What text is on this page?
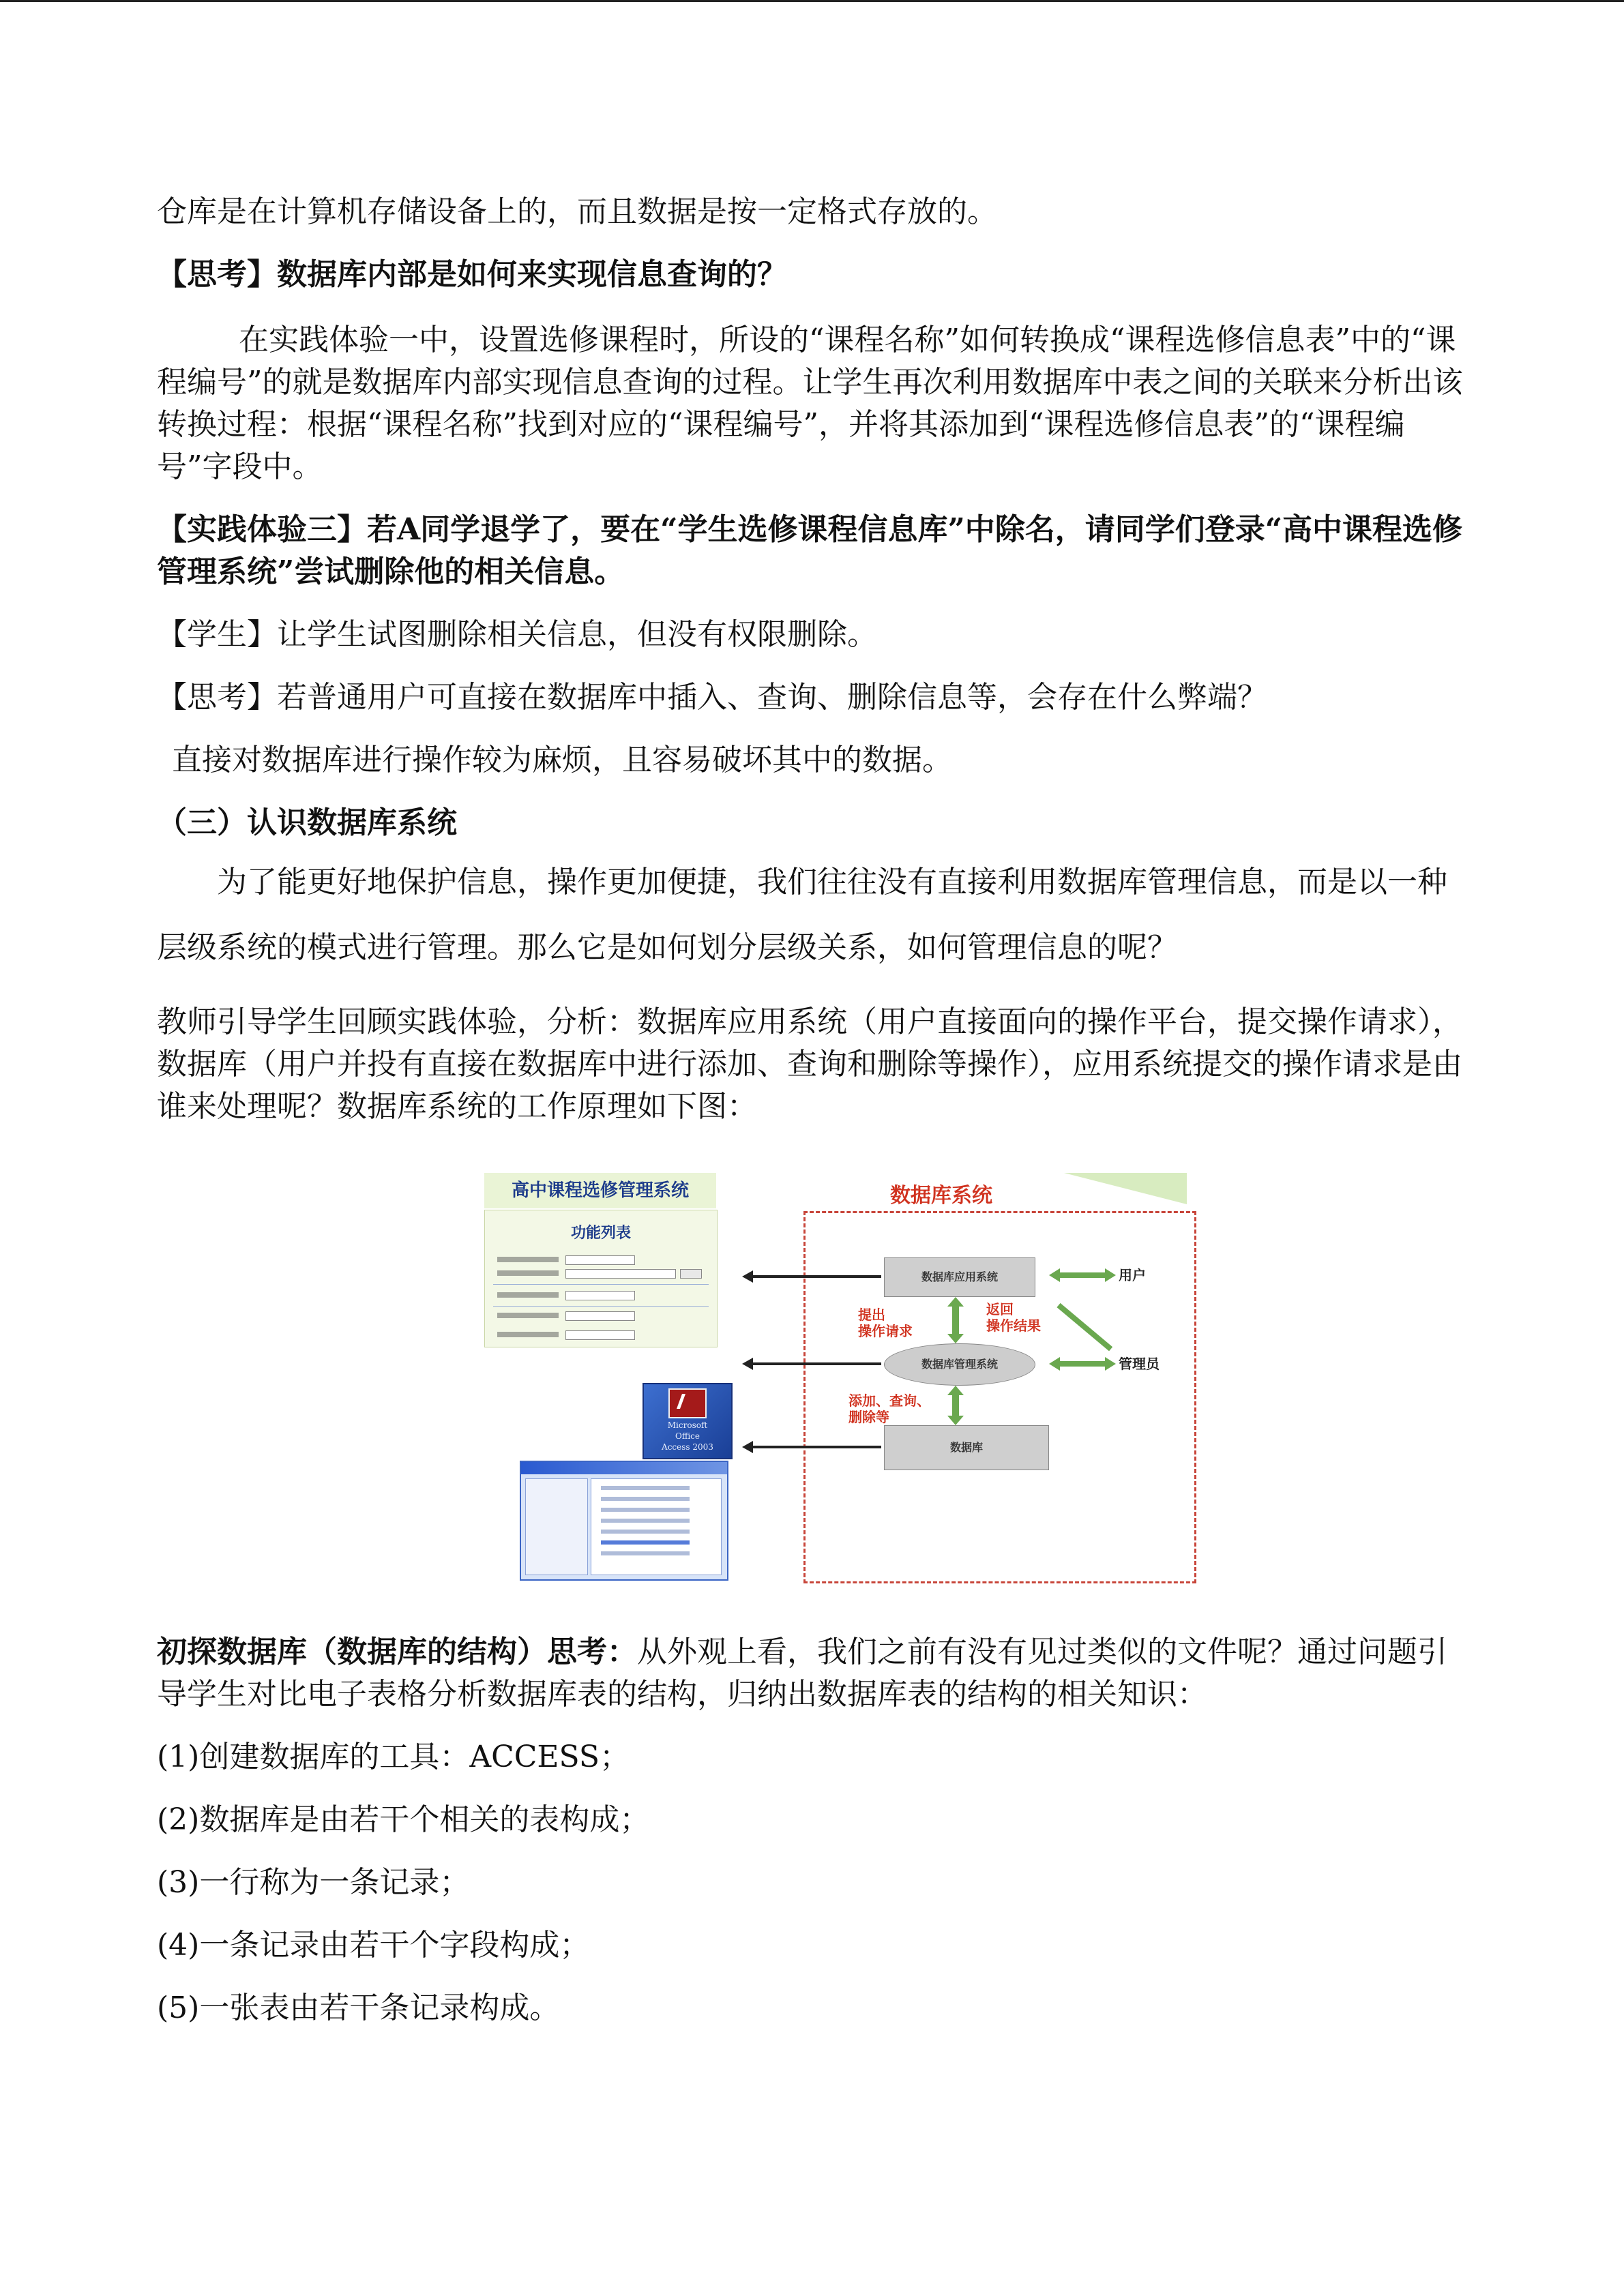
仓库是在计算机存储设备上的，而且数据是按一定格式存放的。

【思考】数据库内部是如何来实现信息查询的？

在实践体验一中，设置选修课程时，所设的“课程名称”如何转换成“课程选修信息表”中的“课程编号”的就是数据库内部实现信息查询的过程。让学生再次利用数据库中表之间的关联来分析出该转换过程：根据“课程名称”找到对应的“课程编号”，并将其添加到“课程选修信息表”的“课程编号”字段中。

【实践体验三】若A同学退学了，要在“学生选修课程信息库”中除名，请同学们登录“高中课程选修管理系统”尝试删除他的相关信息。

【学生】让学生试图删除相关信息，但没有权限删除。

【思考】若普通用户可直接在数据库中插入、查询、删除信息等，会存在什么弊端？

直接对数据库进行操作较为麻烦，且容易破坏其中的数据。

（三）认识数据库系统

为了能更好地保护信息，操作更加便捷，我们往往没有直接利用数据库管理信息，而是以一种层级系统的模式进行管理。那么它是如何划分层级关系，如何管理信息的呢？

教师引导学生回顾实践体验，分析：数据库应用系统（用户直接面向的操作平台，提交操作请求），数据库（用户并投有直接在数据库中进行添加、查询和删除等操作），应用系统提交的操作请求是由谁来处理呢？数据库系统的工作原理如下图：

高中课程选修管理系统
功能列表
Microsoft
Office
Access 2003
数据库系统
数据库应用系统
数据库管理系统
数据库
用户
管理员
提出
操作请求
返回
操作结果
添加、查询、
删除等

初探数据库（数据库的结构）思考：从外观上看，我们之前有没有见过类似的文件呢？通过问题引导学生对比电子表格分析数据库表的结构，归纳出数据库表的结构的相关知识：

(1)创建数据库的工具：ACCESS；

(2)数据库是由若干个相关的表构成；

(3)一行称为一条记录；

(4)一条记录由若干个字段构成；

(5)一张表由若干条记录构成。
